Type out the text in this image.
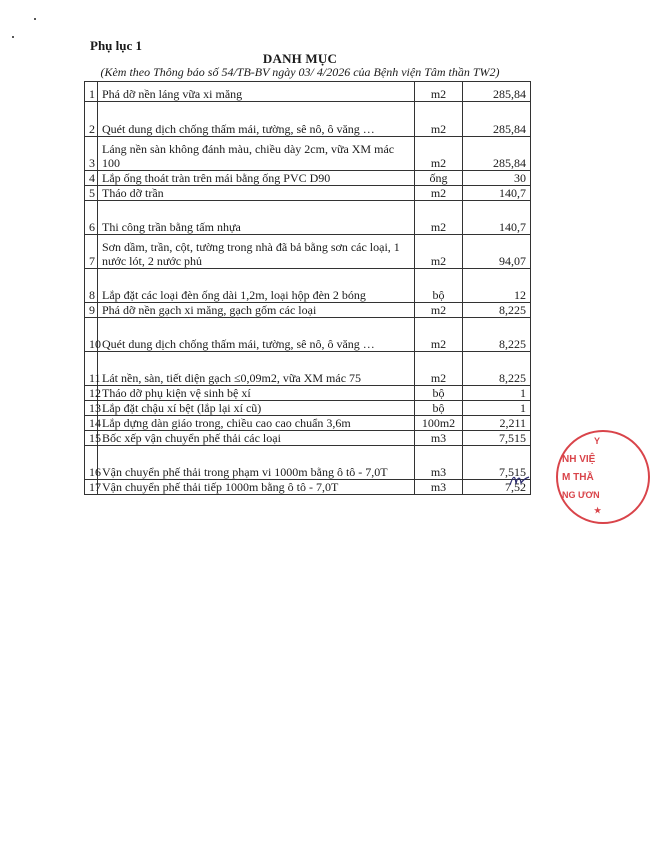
Phụ lục 1
DANH MỤC
(Kèm theo Thông báo số 54/TB-BV ngày 03/ 4/2026 của Bệnh viện Tâm thần TW2)
1	Phá dỡ nền láng vữa xi măng	m2	285,84
2	Quét dung dịch chống thấm mái, tường, sê nô, ô văng …	m2	285,84
3	Láng nền sàn không đánh màu, chiều dày 2cm, vữa XM mác 100	m2	285,84
4	Lắp ống thoát tràn trên mái bằng ống PVC D90	ống	30
5	Tháo dỡ trần	m2	140,7
6	Thi công trần bằng tấm nhựa	m2	140,7
7	Sơn dầm, trần, cột, tường trong nhà đã bả bằng sơn các loại, 1 nước lót, 2 nước phủ	m2	94,07
8	Lắp đặt các loại đèn ống dài 1,2m, loại hộp đèn 2 bóng	bộ	12
9	Phá dỡ nền gạch xi măng, gạch gốm các loại	m2	8,225
10	Quét dung dịch chống thấm mái, tường, sê nô, ô văng …	m2	8,225
11	Lát nền, sàn, tiết diện gạch ≤0,09m2, vữa XM mác 75	m2	8,225
12	Tháo dỡ phụ kiện vệ sinh bệ xí	bộ	1
13	Lắp đặt chậu xí bệt (lắp lại xí cũ)	bộ	1
14	Lắp dựng dàn giáo trong, chiều cao cao chuẩn 3,6m	100m2	2,211
15	Bốc xếp vận chuyển phế thải các loại	m3	7,515
16	Vận chuyển phế thải trong phạm vi 1000m bằng ô tô - 7,0T	m3	7,515
17	Vận chuyển phế thải tiếp 1000m bằng ô tô - 7,0T	m3	7,52
Y
NH VIỆ
M THẦ
NG ƯƠN
★
